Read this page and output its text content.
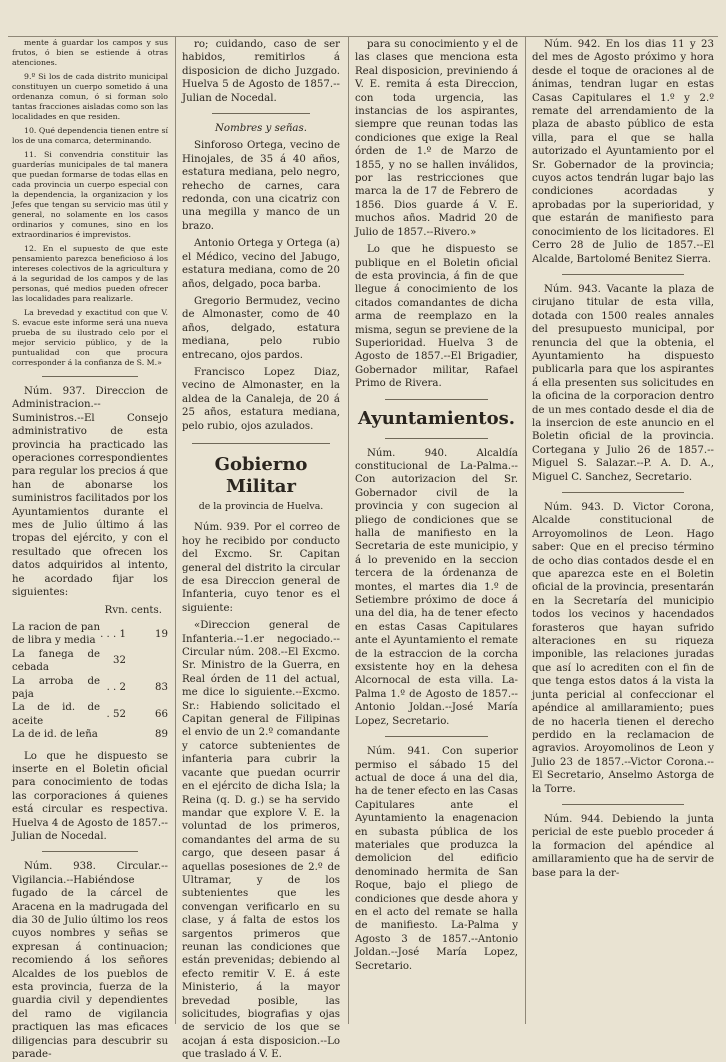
mente á guardar los campos y sus frutos, ó bien se estiende á otras atenciones.

9.º Si los de cada distrito municipal constituyen un cuerpo sometido á una ordenanza comun, ó si forman solo tantas fracciones aisladas como son las localidades en que residen.

10. Qué dependencia tienen entre sí los de una comarca, determinando.

11. Si convendria constituir las guarderías municipales de tal manera que puedan formarse de todas ellas en cada provincia un cuerpo especial con la dependencia, la organizacion y los Jefes que tengan su servicio mas útil y general, no solamente en los casos ordinarios y comunes, sino en los extraordinarios é imprevistos.

12. En el supuesto de que este pensamiento parezca beneficioso á los intereses colectivos de la agricultura y á la seguridad de los campos y de las personas, qué medios pueden ofrecer las localidades para realizarle.

La brevedad y exactitud con que V. S. evacue este informe será una nueva prueba de su ilustrado celo por el mejor servicio público, y de la puntualidad con que procura corresponder á la confianza de S. M.»

Núm. 937. Direccion de Administracion.--Suministros.--El Consejo administrativo de esta provincia ha practicado las operaciones correspondientes para regular los precios á que han de abonarse los suministros facilitados por los Ayuntamientos durante el mes de Julio último á las tropas del ejército, y con el resultado que ofrecen los datos adquiridos al intento, he acordado fijar los siguientes:

Rvn. cents.

La racion de pan de libra y media	. . . 1	19
La fanega de cebada	32	
La arroba de paja	. . 2	83
La de id. de aceite	. 52	66
La de id. de leña		89

Lo que he dispuesto se inserte en el Boletin oficial para conocimiento de todas las corporaciones á quienes está circular es respectiva. Huelva 4 de Agosto de 1857.--Julian de Nocedal.

Núm. 938. Circular.--Vigilancia.--Habiéndose fugado de la cárcel de Aracena en la madrugada del dia 30 de Julio último los reos cuyos nombres y señas se expresan á continuacion; recomiendo á los señores Alcaldes de los pueblos de esta provincia, fuerza de la guardia civil y dependientes del ramo de vigilancia practiquen las mas eficaces diligencias para descubrir su parade-

ro; cuidando, caso de ser habidos, remitirlos á disposicion de dicho Juzgado. Huelva 5 de Agosto de 1857.--Julian de Nocedal.

Nombres y señas.

Sinforoso Ortega, vecino de Hinojales, de 35 á 40 años, estatura mediana, pelo negro, rehecho de carnes, cara redonda, con una cicatriz con una megilla y manco de un brazo.

Antonio Ortega y Ortega (a) el Médico, vecino del Jabugo, estatura mediana, como de 20 años, delgado, poca barba.

Gregorio Bermudez, vecino de Almonaster, como de 40 años, delgado, estatura mediana, pelo rubio entrecano, ojos pardos.

Francisco Lopez Diaz, vecino de Almonaster, en la aldea de la Canaleja, de 20 á 25 años, estatura mediana, pelo rubio, ojos azulados.

Gobierno Militar
de la provincia de Huelva.

Núm. 939. Por el correo de hoy he recibido por conducto del Excmo. Sr. Capitan general del distrito la circular de esa Direccion general de Infanteria, cuyo tenor es el siguiente:

«Direccion general de Infanteria.--1.er negociado.--Circular núm. 208.--El Excmo. Sr. Ministro de la Guerra, en Real órden de 11 del actual, me dice lo siguiente.--Excmo. Sr.: Habiendo solicitado el Capitan general de Filipinas el envio de un 2.º comandante y catorce subtenientes de infanteria para cubrir la vacante que puedan ocurrir en el ejército de dicha Isla; la Reina (q. D. g.) se ha servido mandar que explore V. E. la voluntad de los primeros, comandantes del arma de su cargo, que deseen pasar á aquellas posesiones de 2.º de Ultramar, y de los subtenientes que les convengan verificarlo en su clase, y á falta de estos los sargentos primeros que reunan las condiciones que están prevenidas; debiendo al efecto remitir V. E. á este Ministerio, á la mayor brevedad posible, las solicitudes, biografias y ojas de servicio de los que se acojan á esta disposicion.--Lo que traslado á V. E.

para su conocimiento y el de las clases que menciona esta Real disposicion, previniendo á V. E. remita á esta Direccion, con toda urgencia, las instancias de los aspirantes, siempre que reunan todas las condiciones que exige la Real órden de 1.º de Marzo de 1855, y no se hallen inválidos, por las restricciones que marca la de 17 de Febrero de 1856. Dios guarde á V. E. muchos años. Madrid 20 de Julio de 1857.--Rivero.»

Lo que he dispuesto se publique en el Boletin oficial de esta provincia, á fin de que llegue á conocimiento de los citados comandantes de dicha arma de reemplazo en la misma, segun se previene de la Superioridad. Huelva 3 de Agosto de 1857.--El Brigadier, Gobernador militar, Rafael Primo de Rivera.

Ayuntamientos.

Núm. 940. Alcaldía constitucional de La-Palma.--Con autorizacion del Sr. Gobernador civil de la provincia y con sugecion al pliego de condiciones que se halla de manifiesto en la Secretaria de este municipio, y á lo prevenido en la seccion tercera de la órdenanza de montes, el martes dia 1.º de Setiembre próximo de doce á una del dia, ha de tener efecto en estas Casas Capitulares ante el Ayuntamiento el remate de la estraccion de la corcha exsistente hoy en la dehesa Alcornocal de esta villa. La-Palma 1.º de Agosto de 1857.--Antonio Joldan.--José María Lopez, Secretario.

Núm. 941. Con superior permiso el sábado 15 del actual de doce á una del dia, ha de tener efecto en las Casas Capitulares ante el Ayuntamiento la enagenacion en subasta pública de los materiales que produzca la demolicion del edificio denominado hermita de San Roque, bajo el pliego de condiciones que desde ahora y en el acto del remate se halla de manifiesto. La-Palma y Agosto 3 de 1857.--Antonio Joldan.--José María Lopez, Secretario.

Núm. 942. En los dias 11 y 23 del mes de Agosto próximo y hora desde el toque de oraciones al de ánimas, tendran lugar en estas Casas Capitulares el 1.º y 2.º remate del arrendamiento de la plaza de abasto público de esta villa, para el que se halla autorizado el Ayuntamiento por el Sr. Gobernador de la provincia; cuyos actos tendrán lugar bajo las condiciones acordadas y aprobadas por la superioridad, y que estarán de manifiesto para conocimiento de los licitadores. El Cerro 28 de Julio de 1857.--El Alcalde, Bartolomé Benitez Sierra.

Núm. 943. Vacante la plaza de cirujano titular de esta villa, dotada con 1500 reales annales del presupuesto municipal, por renuncia del que la obtenia, el Ayuntamiento ha dispuesto publicarla para que los aspirantes á ella presenten sus solicitudes en la oficina de la corporacion dentro de un mes contado desde el dia de la insercion de este anuncio en el Boletin oficial de la provincia. Cortegana y Julio 26 de 1857.--Miguel S. Salazar.--P. A. D. A., Miguel C. Sanchez, Secretario.

Núm. 943. D. Victor Corona, Alcalde constitucional de Arroyomolinos de Leon. Hago saber: Que en el preciso término de ocho dias contados desde el en que aparezca este en el Boletin oficial de la provincia, presentarán en la Secretaría del municipio todos los vecinos y hacendados forasteros que hayan sufrido alteraciones en su riqueza imponible, las relaciones juradas que así lo acrediten con el fin de que tenga estos datos á la vista la junta pericial al confeccionar el apéndice al amillaramiento; pues de no hacerla tienen el derecho perdido en la reclamacion de agravios. Aroyomolinos de Leon y Julio 23 de 1857.--Victor Corona.--El Secretario, Anselmo Astorga de la Torre.

Núm. 944. Debiendo la junta pericial de este pueblo proceder á la formacion del apéndice al amillaramiento que ha de servir de base para la der-
